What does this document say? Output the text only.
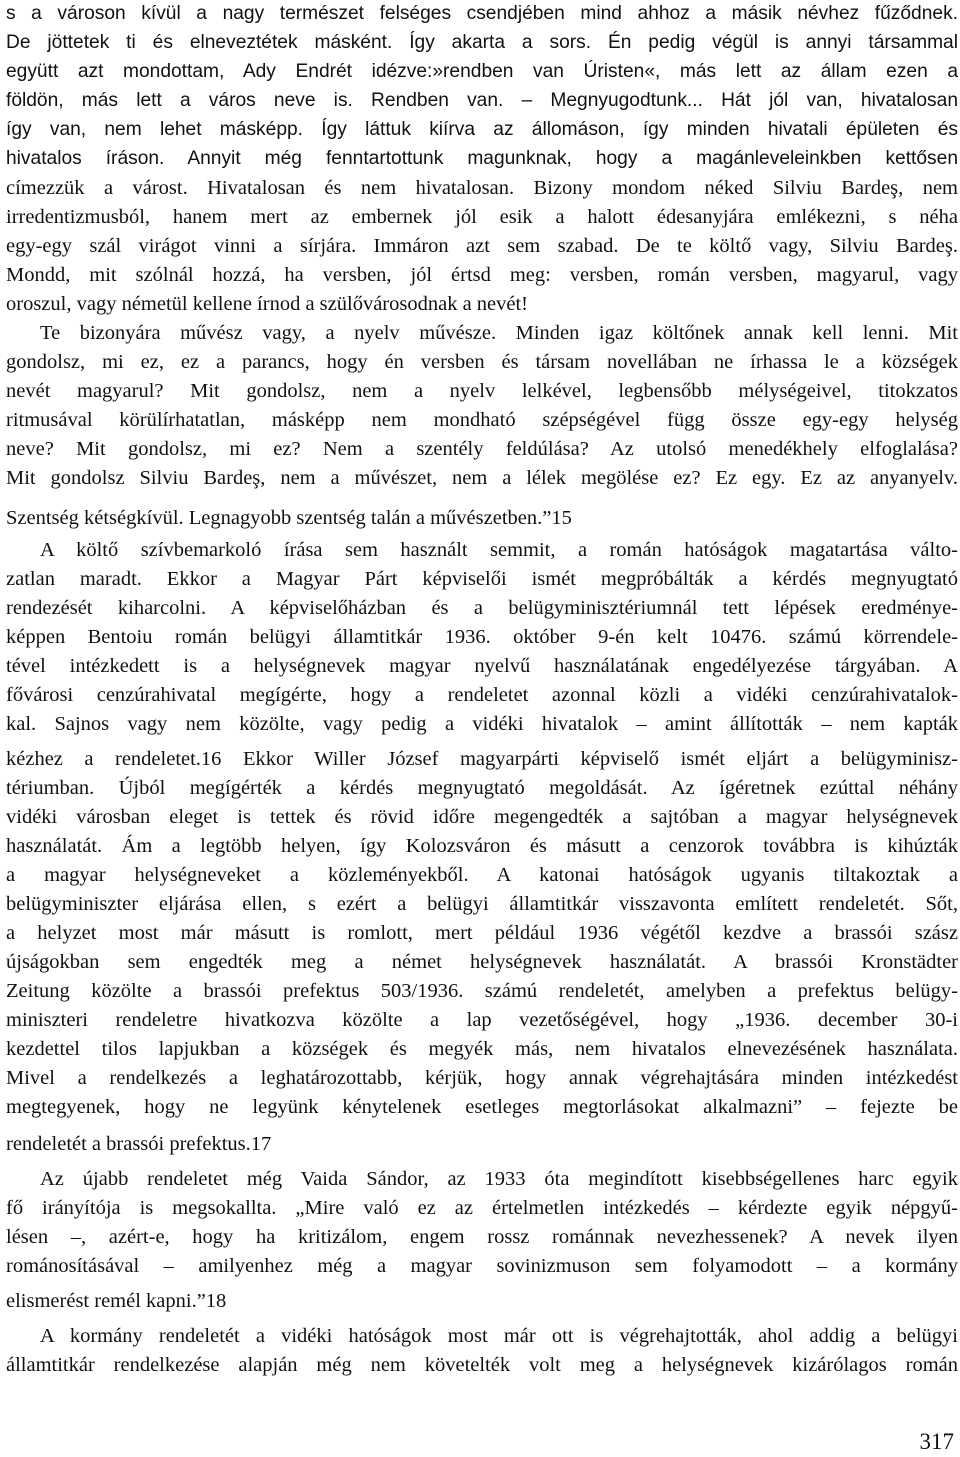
s a városon kívül a nagy természet felséges csendjében mind ahhoz a másik névhez fűződnek.
De jöttetek ti és elneveztétek másként. Így akarta a sors. Én pedig végül is annyi társammal
együtt azt mondottam, Ady Endrét idézve:»rendben van Úristen«, más lett az állam ezen a
földön, más lett a város neve is. Rendben van. – Megnyugodtunk... Hát jól van, hivatalosan
így van, nem lehet másképp. Így láttuk kiírva az állomáson, így minden hivatali épületen és
hivatalos íráson. Annyit még fenntartottunk magunknak, hogy a magánleveleinkben kettősen
címezzük a várost. Hivatalosan és nem hivatalosan. Bizony mondom néked Silviu Bardeş, nem
irredentizmusból, hanem mert az embernek jól esik a halott édesanyjára emlékezni, s néha
egy-egy szál virágot vinni a sírjára. Immáron azt sem szabad. De te költő vagy, Silviu Bardeş.
Mondd, mit szólnál hozzá, ha versben, jól értsd meg: versben, román versben, magyarul, vagy
oroszul, vagy németül kellene írnod a szülővárosodnak a nevét!
Te bizonyára művész vagy, a nyelv művésze. Minden igaz költőnek annak kell lenni. Mit
gondolsz, mi ez, ez a parancs, hogy én versben és társam novellában ne írhassa le a községek
nevét magyarul? Mit gondolsz, nem a nyelv lelkével, legbensőbb mélységeivel, titokzatos
ritmusával körülírhatatlan, másképp nem mondható szépségével függ össze egy-egy helység
neve? Mit gondolsz, mi ez? Nem a szentély feldúlása? Az utolsó menedékhely elfoglalása?
Mit gondolsz Silviu Bardeş, nem a művészet, nem a lélek megölése ez? Ez egy. Ez az anyanyelv.
Szentség kétségkívül. Legnagyobb szentség talán a művészetben.”15
A költő szívbemarkoló írása sem használt semmit, a román hatóságok magatartása válto-
zatlan maradt. Ekkor a Magyar Párt képviselői ismét megpróbálták a kérdés megnyugtató
rendezését kiharcolni. A képviselőházban és a belügyminisztériumnál tett lépések eredménye-
képpen Bentoiu román belügyi államtitkár 1936. október 9-én kelt 10476. számú körrendele-
tével intézkedett is a helységnevek magyar nyelvű használatának engedélyezése tárgyában. A
fővárosi cenzúrahivatal megígérte, hogy a rendeletet azonnal közli a vidéki cenzúrahivatalok-
kal. Sajnos vagy nem közölte, vagy pedig a vidéki hivatalok – amint állították – nem kapták
kézhez a rendeletet.16 Ekkor Willer József magyarpárti képviselő ismét eljárt a belügyminisz-
tériumban. Újból megígérték a kérdés megnyugtató megoldását. Az ígéretnek ezúttal néhány
vidéki városban eleget is tettek és rövid időre megengedték a sajtóban a magyar helységnevek
használatát. Ám a legtöbb helyen, így Kolozsváron és másutt a cenzorok továbbra is kihúzták
a magyar helységneveket a közleményekből. A katonai hatóságok ugyanis tiltakoztak a
belügyminiszter eljárása ellen, s ezért a belügyi államtitkár visszavonta említett rendeletét. Sőt,
a helyzet most már másutt is romlott, mert például 1936 végétől kezdve a brassói szász
újságokban sem engedték meg a német helységnevek használatát. A brassói Kronstädter
Zeitung közölte a brassói prefektus 503/1936. számú rendeletét, amelyben a prefektus belügy-
miniszteri rendeletre hivatkozva közölte a lap vezetőségével, hogy „1936. december 30-i
kezdettel tilos lapjukban a községek és megyék más, nem hivatalos elnevezésének használata.
Mivel a rendelkezés a leghatározottabb, kérjük, hogy annak végrehajtására minden intézkedést
megtegyenek, hogy ne legyünk kénytelenek esetleges megtorlásokat alkalmazni” – fejezte be
rendeletét a brassói prefektus.17
Az újabb rendeletet még Vaida Sándor, az 1933 óta megindított kisebbségellenes harc egyik
fő irányítója is megsokallta. „Mire való ez az értelmetlen intézkedés – kérdezte egyik népgyű-
lésen –, azért-e, hogy ha kritizálom, engem rossz románnak nevezhessenek? A nevek ilyen
románosításával – amilyenhez még a magyar sovinizmuson sem folyamodott – a kormány
elismerést remél kapni.”18
A kormány rendeletét a vidéki hatóságok most már ott is végrehajtották, ahol addig a belügyi
államtitkár rendelkezése alapján még nem követelték volt meg a helységnevek kizárólagos román
317
